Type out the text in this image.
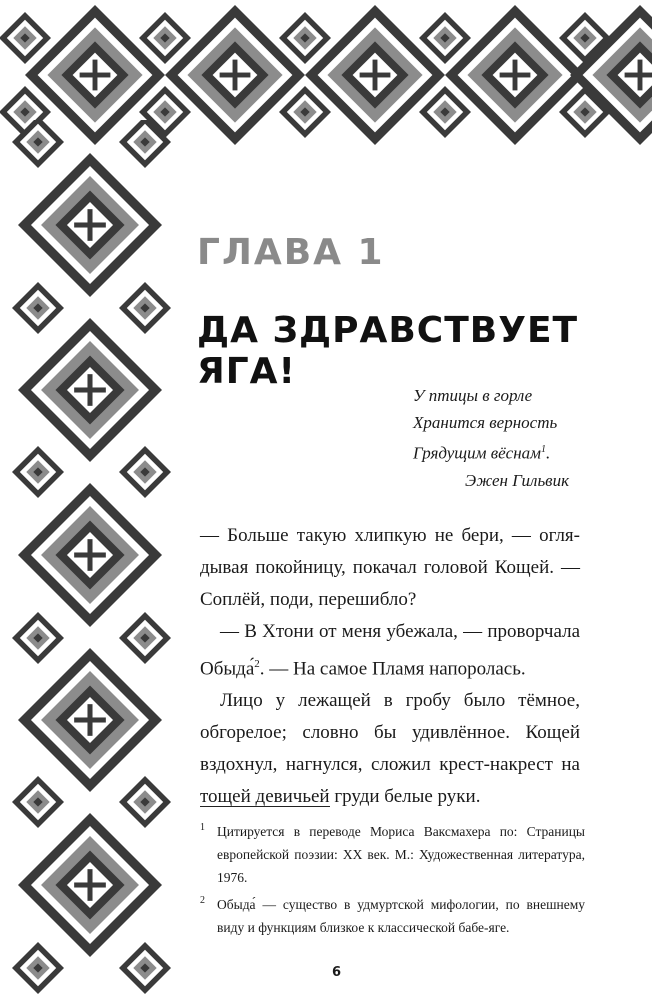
ГЛАВА 1
ДА ЗДРАВСТВУЕТ ЯГА!
У птицы в горле
Хранится верность
Грядущим вёснам$^1$.
Эжен Гильвик

— Больше такую хлипкую не бери, — оглядывая покойницу, покачал головой Кощей. — Соплёй, поди, перешибло?

— В Хтони от меня убежала, — проворчала Обыда́$^2$. — На самое Пламя напоролась.

Лицо у лежащей в гробу было тёмное, обгорелое; словно бы удивлённое. Кощей вздохнул, нагнулся, сложил крест-накрест на тощей девичьей груди белые руки.

1 Цитируется в переводе Мориса Ваксмахера по: Страницы европейской поэзии: XX век. М.: Художественная литература, 1976.
2 Обыда́ — существо в удмуртской мифологии, по внешнему виду и функциям близкое к классической бабе-яге.
6
